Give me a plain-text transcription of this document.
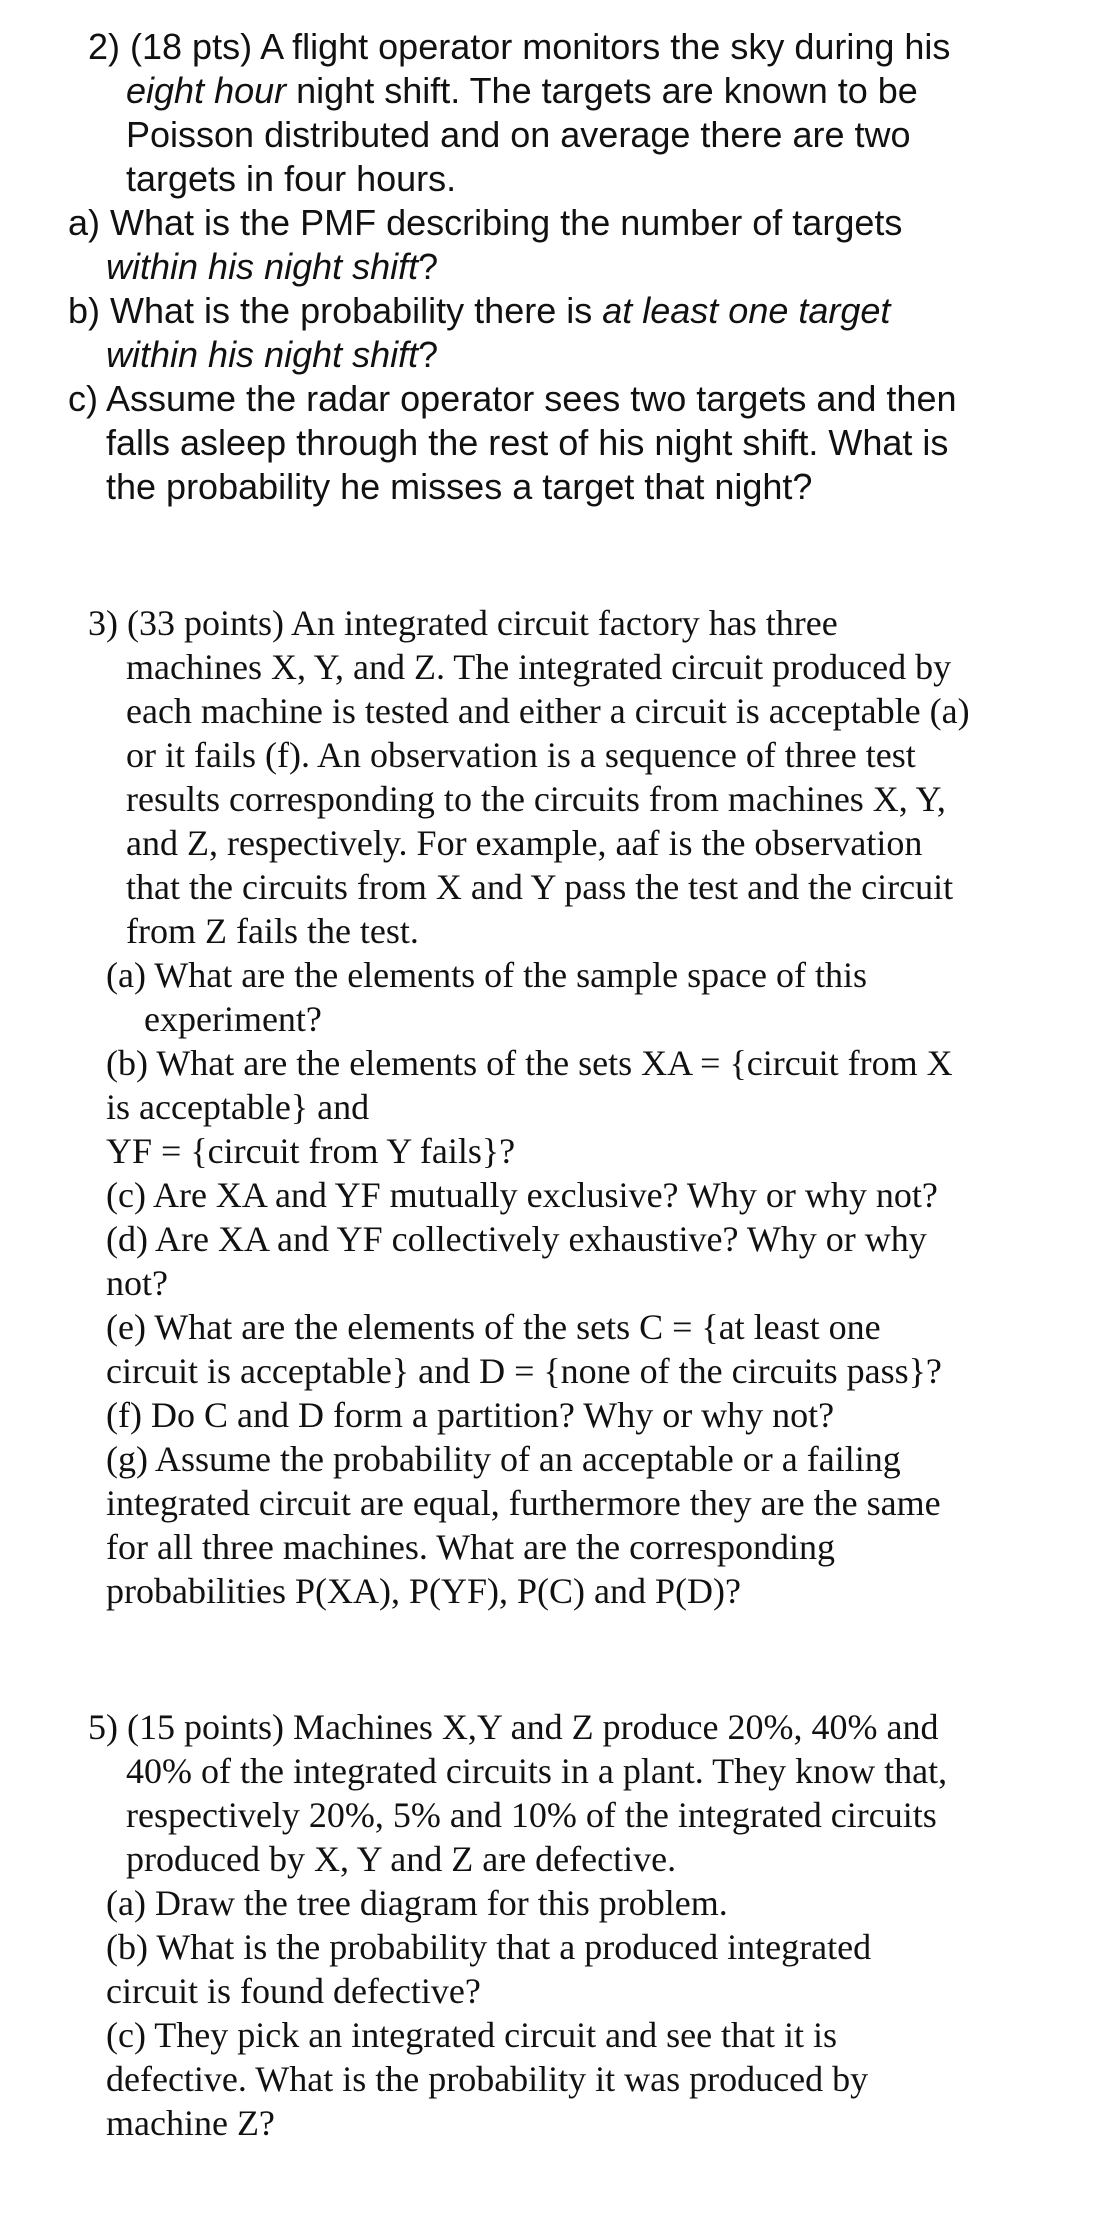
2) (18 pts) A flight operator monitors the sky during his
eight hour night shift. The targets are known to be
Poisson distributed and on average there are two
targets in four hours.
a) What is the PMF describing the number of targets
within his night shift?
b) What is the probability there is at least one target
within his night shift?
c) Assume the radar operator sees two targets and then
falls asleep through the rest of his night shift. What is
the probability he misses a target that night?
3) (33 points) An integrated circuit factory has three
machines X, Y, and Z. The integrated circuit produced by
each machine is tested and either a circuit is acceptable (a)
or it fails (f). An observation is a sequence of three test
results corresponding to the circuits from machines X, Y,
and Z, respectively. For example, aaf is the observation
that the circuits from X and Y pass the test and the circuit
from Z fails the test.
(a) What are the elements of the sample space of this
experiment?
(b) What are the elements of the sets XA = {circuit from X
is acceptable} and
YF = {circuit from Y fails}?
(c) Are XA and YF mutually exclusive? Why or why not?
(d) Are XA and YF collectively exhaustive? Why or why
not?
(e) What are the elements of the sets C = {at least one
circuit is acceptable} and D = {none of the circuits pass}?
(f) Do C and D form a partition? Why or why not?
(g) Assume the probability of an acceptable or a failing
integrated circuit are equal, furthermore they are the same
for all three machines. What are the corresponding
probabilities P(XA), P(YF), P(C) and P(D)?
5) (15 points) Machines X,Y and Z produce 20%, 40% and
40% of the integrated circuits in a plant. They know that,
respectively 20%, 5% and 10% of the integrated circuits
produced by X, Y and Z are defective.
(a) Draw the tree diagram for this problem.
(b) What is the probability that a produced integrated
circuit is found defective?
(c) They pick an integrated circuit and see that it is
defective. What is the probability it was produced by
machine Z?
